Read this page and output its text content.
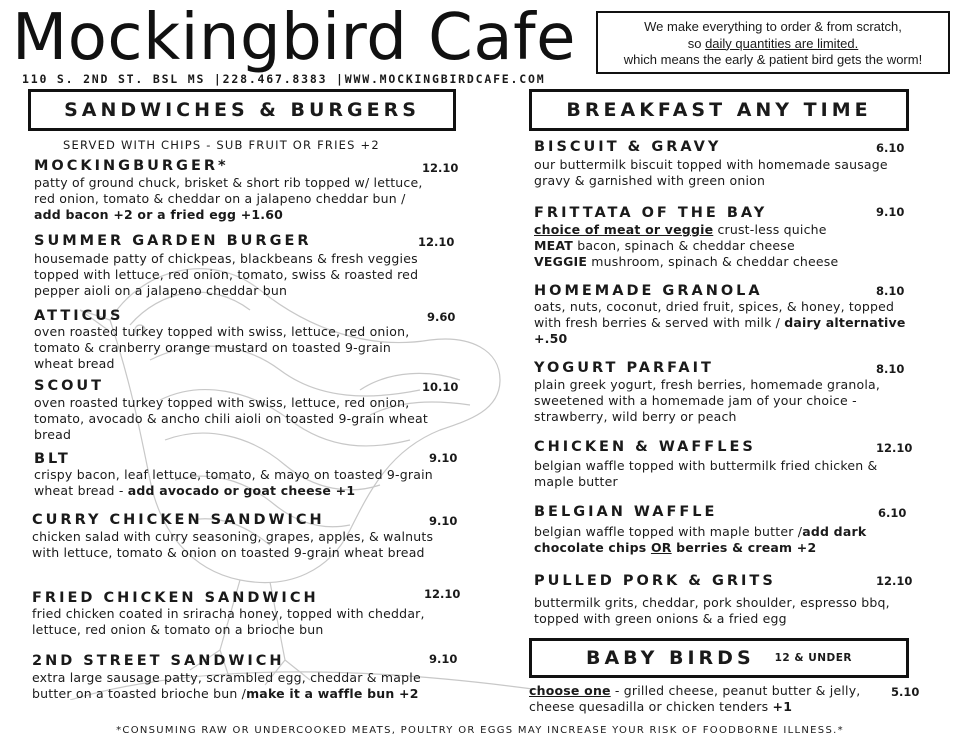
Mockingbird Cafe
110 S. 2ND ST. BSL MS |228.467.8383 |WWW.MOCKINGBIRDCAFE.COM
We make everything to order & from scratch,
so daily quantities are limited.
which means the early & patient bird gets the worm!
SANDWICHES & BURGERS
SERVED WITH CHIPS - SUB FRUIT OR FRIES +2
BREAKFAST ANY TIME
MOCKINGBURGER*	12.10
patty of ground chuck, brisket & short rib topped w/ lettuce, red onion, tomato & cheddar on a jalapeno cheddar bun / add bacon +2 or a fried egg +1.60
SUMMER GARDEN BURGER	12.10
housemade patty of chickpeas, blackbeans & fresh veggies topped with lettuce, red onion, tomato, swiss & roasted red pepper aioli on a jalapeno cheddar bun
ATTICUS	9.60
oven roasted turkey topped with swiss, lettuce, red onion, tomato & cranberry orange mustard on toasted 9-grain wheat bread
SCOUT	10.10
oven roasted turkey topped with swiss, lettuce, red onion, tomato, avocado & ancho chili aioli on toasted 9-grain wheat bread
BLT	9.10
crispy bacon, leaf lettuce, tomato, & mayo on toasted 9-grain wheat bread - add avocado or goat cheese +1
CURRY CHICKEN SANDWICH	9.10
chicken salad with curry seasoning, grapes, apples, & walnuts with lettuce, tomato & onion on toasted 9-grain wheat bread
FRIED CHICKEN SANDWICH	12.10
fried chicken coated in sriracha honey, topped with cheddar, lettuce, red onion & tomato on a brioche bun
2ND STREET SANDWICH	9.10
extra large sausage patty, scrambled egg, cheddar & maple butter on a toasted brioche bun /make it a waffle bun +2
BISCUIT & GRAVY	6.10
our buttermilk biscuit topped with homemade sausage gravy & garnished with green onion
FRITTATA OF THE BAY	9.10
choice of meat or veggie crust-less quiche
MEAT bacon, spinach & cheddar cheese
VEGGIE mushroom, spinach & cheddar cheese
HOMEMADE GRANOLA	8.10
oats, nuts, coconut, dried fruit, spices, & honey, topped with fresh berries & served with milk / dairy alternative +.50
YOGURT PARFAIT	8.10
plain greek yogurt, fresh berries, homemade granola, sweetened with a homemade jam of your choice - strawberry, wild berry or peach
CHICKEN & WAFFLES	12.10
belgian waffle topped with buttermilk fried chicken & maple butter
BELGIAN WAFFLE	6.10
belgian waffle topped with maple butter /add dark chocolate chips OR berries & cream +2
PULLED PORK & GRITS	12.10
buttermilk grits, cheddar, pork shoulder, espresso bbq, topped with green onions & a fried egg
BABY BIRDS 12 & UNDER
choose one - grilled cheese, peanut butter & jelly, cheese quesadilla or chicken tenders +1
5.10
*CONSUMING RAW OR UNDERCOOKED MEATS, POULTRY OR EGGS MAY INCREASE YOUR RISK OF FOODBORNE ILLNESS.*
